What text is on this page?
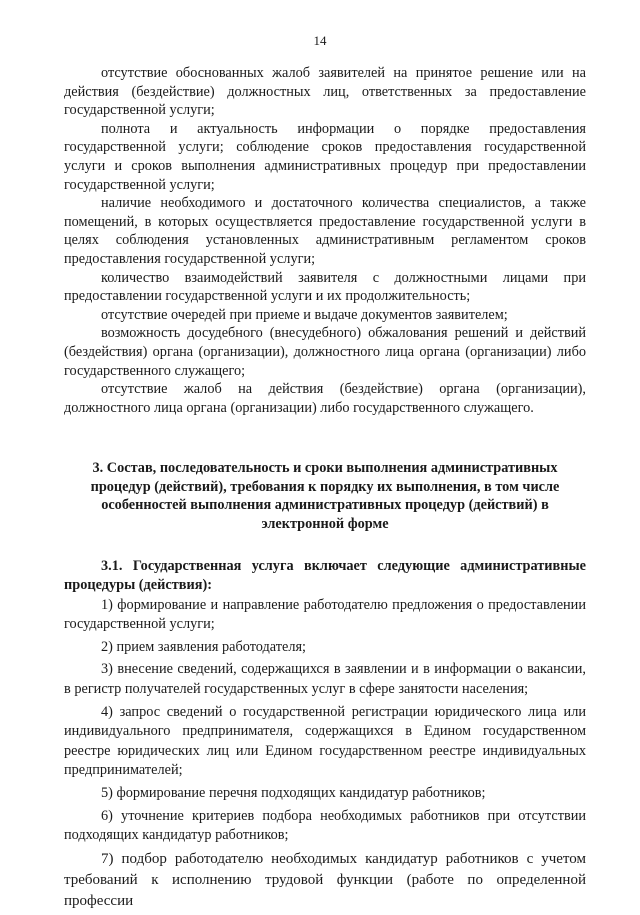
14

отсутствие обоснованных жалоб заявителей на принятое решение или на действия (бездействие) должностных лиц, ответственных за предоставление государственной услуги;

полнота и актуальность информации о порядке предоставления государственной услуги; соблюдение сроков предоставления государственной услуги и сроков выполнения административных процедур при предоставлении государственной услуги;

наличие необходимого и достаточного количества специалистов, а также помещений, в которых осуществляется предоставление государственной услуги в целях соблюдения установленных административным регламентом сроков предоставления государственной услуги;

количество взаимодействий заявителя с должностными лицами при предоставлении государственной услуги и их продолжительность;

отсутствие очередей при приеме и выдаче документов заявителем;

возможность досудебного (внесудебного) обжалования решений и действий (бездействия) органа (организации), должностного лица органа (организации) либо государственного служащего;

отсутствие жалоб на действия (бездействие) органа (организации), должностного лица органа (организации) либо государственного служащего.

3. Состав, последовательность и сроки выполнения административных процедур (действий), требования к порядку их выполнения, в том числе особенностей выполнения административных процедур (действий) в электронной форме

3.1. Государственная услуга включает следующие административные процедуры (действия):

1) формирование и направление работодателю предложения о предоставлении государственной услуги;

2) прием заявления работодателя;

3) внесение сведений, содержащихся в заявлении и в информации о вакансии, в регистр получателей государственных услуг в сфере занятости населения;

4) запрос сведений о государственной регистрации юридического лица или индивидуального предпринимателя, содержащихся в Едином государственном реестре юридических лиц или Едином государственном реестре индивидуальных предпринимателей;

5) формирование перечня подходящих кандидатур работников;

6) уточнение критериев подбора необходимых работников при отсутствии подходящих кандидатур работников;

7) подбор работодателю необходимых кандидатур работников с учетом требований к исполнению трудовой функции (работе по определенной профессии
